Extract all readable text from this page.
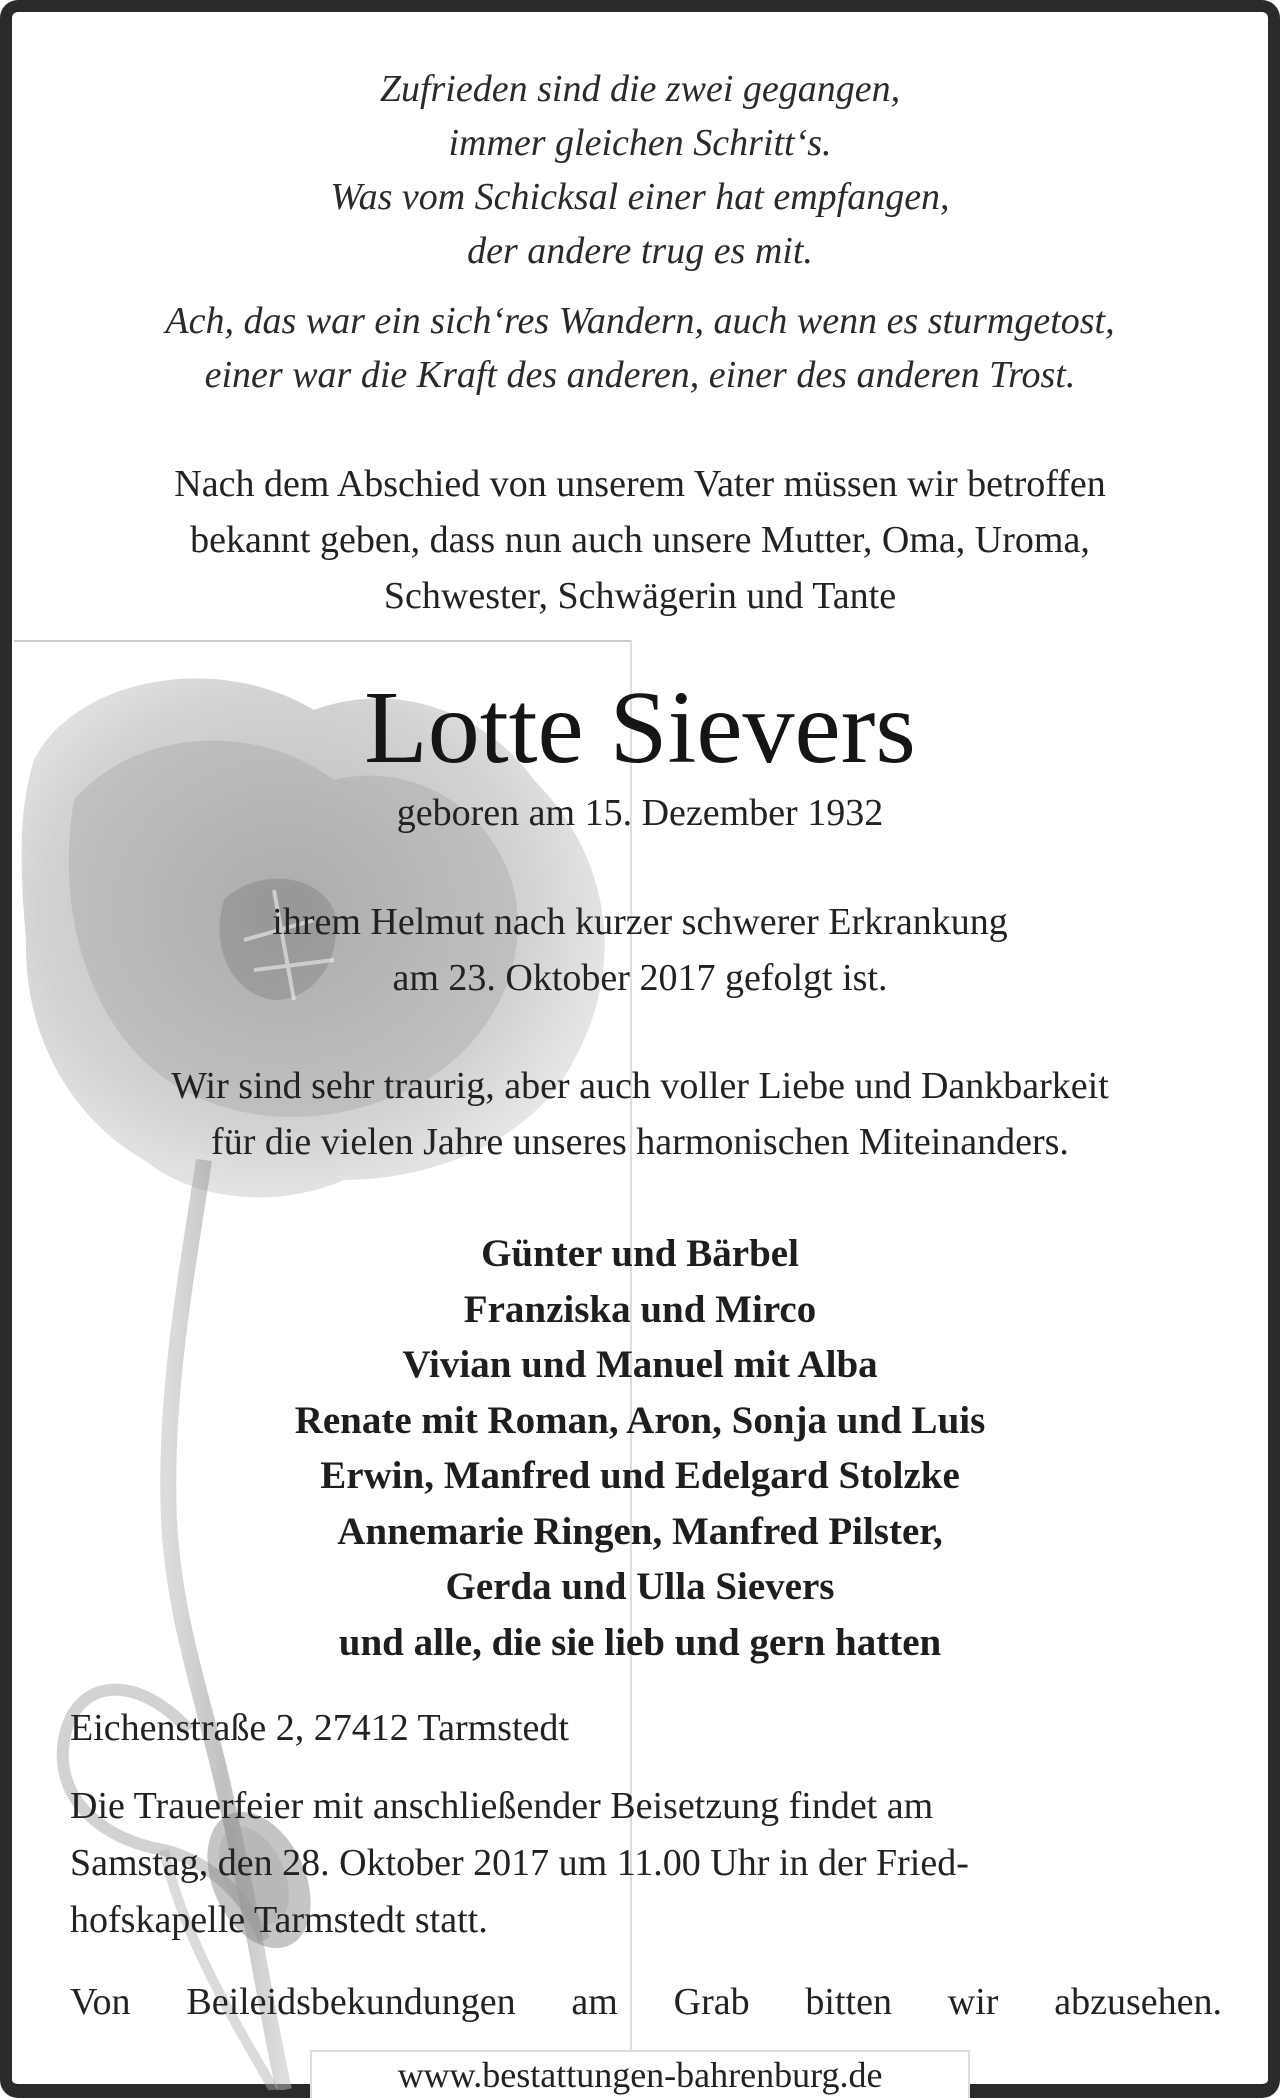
Zufrieden sind die zwei gegangen,
immer gleichen Schritt‘s.
Was vom Schicksal einer hat empfangen,
der andere trug es mit.
Ach, das war ein sich‘res Wandern, auch wenn es sturmgetost,
einer war die Kraft des anderen, einer des anderen Trost.
Nach dem Abschied von unserem Vater müssen wir betroffen
bekannt geben, dass nun auch unsere Mutter, Oma, Uroma,
Schwester, Schwägerin und Tante
Lotte Sievers
geboren am 15. Dezember 1932
ihrem Helmut nach kurzer schwerer Erkrankung
am 23. Oktober 2017 gefolgt ist.
Wir sind sehr traurig, aber auch voller Liebe und Dankbarkeit
für die vielen Jahre unseres harmonischen Miteinanders.
Günter und Bärbel
Franziska und Mirco
Vivian und Manuel mit Alba
Renate mit Roman, Aron, Sonja und Luis
Erwin, Manfred und Edelgard Stolzke
Annemarie Ringen, Manfred Pilster,
Gerda und Ulla Sievers
und alle, die sie lieb und gern hatten
Eichenstraße 2, 27412 Tarmstedt
Die Trauerfeier mit anschließender Beisetzung findet am
Samstag, den 28. Oktober 2017 um 11.00 Uhr in der Fried-
hofskapelle Tarmstedt statt.
Von Beileidsbekundungen am Grab bitten wir abzusehen.
www.bestattungen-bahrenburg.de
